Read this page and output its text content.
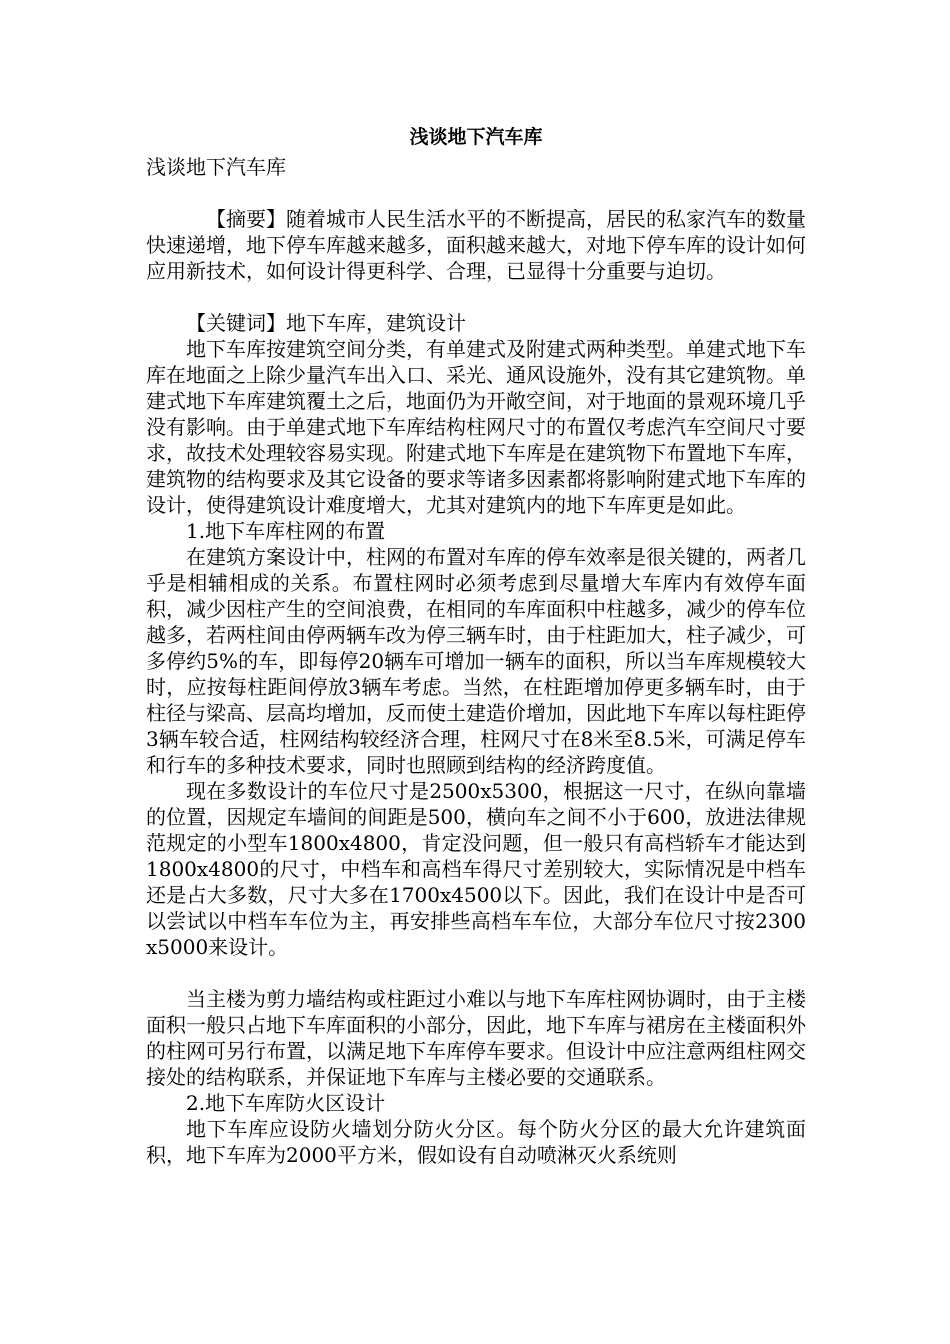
浅谈地下汽车库
浅谈地下汽车库

【摘要】随着城市人民生活水平的不断提高，居民的私家汽车的数量快速递增，地下停车库越来越多，面积越来越大，对地下停车库的设计如何应用新技术，如何设计得更科学、合理，已显得十分重要与迫切。

【关键词】地下车库，建筑设计

地下车库按建筑空间分类，有单建式及附建式两种类型。单建式地下车库在地面之上除少量汽车出入口、采光、通风设施外，没有其它建筑物。单建式地下车库建筑覆土之后，地面仍为开敞空间，对于地面的景观环境几乎没有影响。由于单建式地下车库结构柱网尺寸的布置仅考虑汽车空间尺寸要求，故技术处理较容易实现。附建式地下车库是在建筑物下布置地下车库，建筑物的结构要求及其它设备的要求等诸多因素都将影响附建式地下车库的设计，使得建筑设计难度增大，尤其对建筑内的地下车库更是如此。

1.地下车库柱网的布置

在建筑方案设计中，柱网的布置对车库的停车效率是很关键的，两者几乎是相辅相成的关系。布置柱网时必须考虑到尽量增大车库内有效停车面积，减少因柱产生的空间浪费，在相同的车库面积中柱越多，减少的停车位越多，若两柱间由停两辆车改为停三辆车时，由于柱距加大，柱子减少，可多停约5%的车，即每停20辆车可增加一辆车的面积，所以当车库规模较大时，应按每柱距间停放3辆车考虑。当然，在柱距增加停更多辆车时，由于柱径与梁高、层高均增加，反而使土建造价增加，因此地下车库以每柱距停3辆车较合适，柱网结构较经济合理，柱网尺寸在8米至8.5米，可满足停车和行车的多种技术要求，同时也照顾到结构的经济跨度值。

现在多数设计的车位尺寸是2500x5300，根据这一尺寸，在纵向靠墙的位置，因规定车墙间的间距是500，横向车之间不小于600，放进法律规范规定的小型车1800x4800，肯定没问题，但一般只有高档轿车才能达到1800x4800的尺寸，中档车和高档车得尺寸差别较大，实际情况是中档车还是占大多数，尺寸大多在1700x4500以下。因此，我们在设计中是否可以尝试以中档车车位为主，再安排些高档车车位，大部分车位尺寸按2300x5000来设计。

当主楼为剪力墙结构或柱距过小难以与地下车库柱网协调时，由于主楼面积一般只占地下车库面积的小部分，因此，地下车库与裙房在主楼面积外的柱网可另行布置，以满足地下车库停车要求。但设计中应注意两组柱网交接处的结构联系，并保证地下车库与主楼必要的交通联系。

2.地下车库防火区设计

地下车库应设防火墙划分防火分区。每个防火分区的最大允许建筑面积，地下车库为2000平方米，假如设有自动喷淋灭火系统则
